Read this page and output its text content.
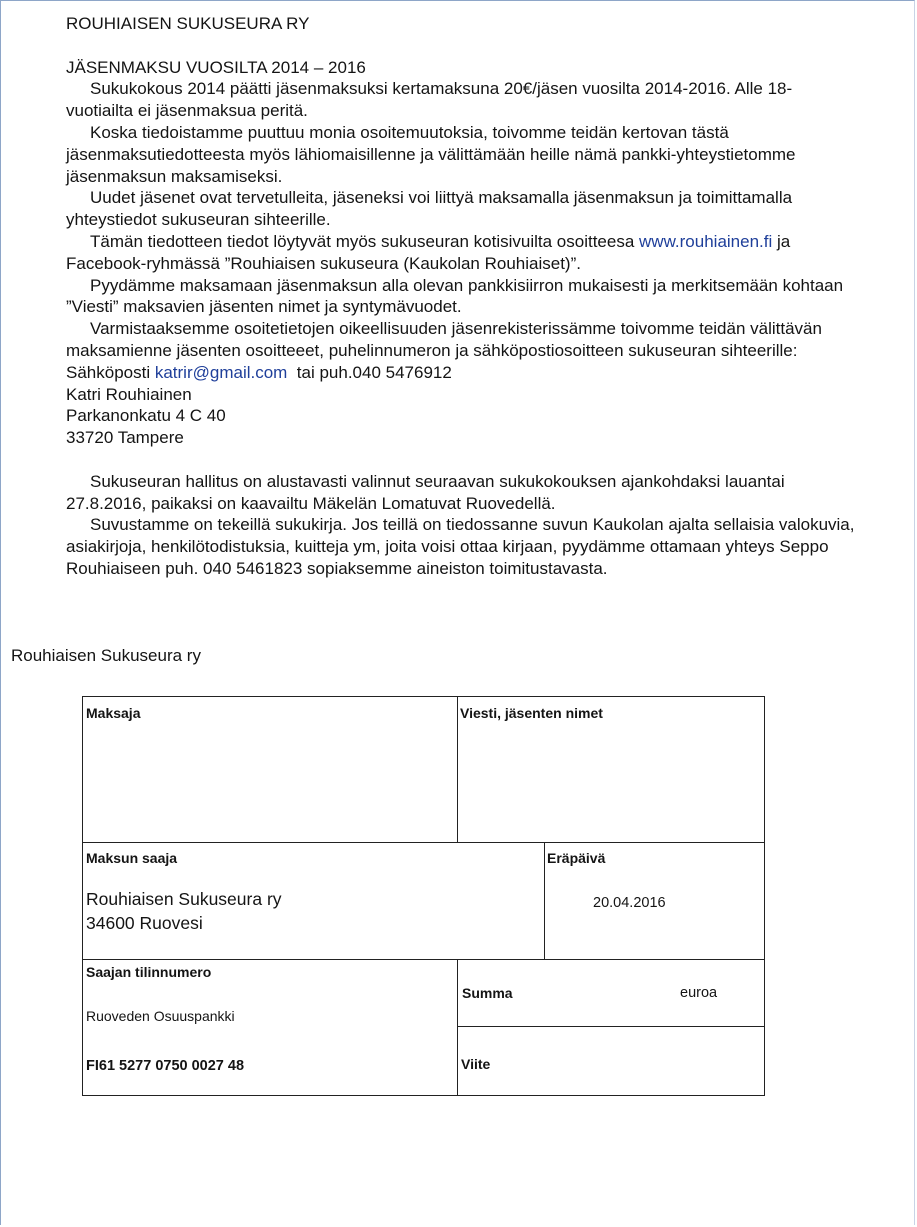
ROUHIAISEN SUKUSEURA RY

JÄSENMAKSU VUOSILTA 2014 – 2016

Sukukokous 2014 päätti jäsenmaksuksi kertamaksuna 20€/jäsen vuosilta 2014-2016. Alle 18-vuotiailta ei jäsenmaksua peritä.

Koska tiedoistamme puuttuu monia osoitemuutoksia, toivomme teidän kertovan tästä jäsenmaksutiedotteesta myös lähiomaisillenne ja välittämään heille nämä pankki-yhteystietomme jäsenmaksun maksamiseksi.

Uudet jäsenet ovat tervetulleita, jäseneksi voi liittyä maksamalla jäsenmaksun ja toimittamalla yhteystiedot sukuseuran sihteerille.

Tämän tiedotteen tiedot löytyvät myös sukuseuran kotisivuilta osoitteesa www.rouhiainen.fi ja Facebook-ryhmässä ”Rouhiaisen sukuseura (Kaukolan Rouhiaiset)”.

Pyydämme maksamaan jäsenmaksun alla olevan pankkisiirron mukaisesti ja merkitsemään kohtaan ”Viesti” maksavien jäsenten nimet ja syntymävuodet.

Varmistaaksemme osoitetietojen oikeellisuuden jäsenrekisterissämme toivomme teidän välittävän maksamienne jäsenten osoitteeet, puhelinnumeron ja sähköpostiosoitteen sukuseuran sihteerille:

Sähköposti katrir@gmail.com  tai puh.040 5476912

Katri Rouhiainen

Parkanonkatu 4 C 40

33720 Tampere

Sukuseuran hallitus on alustavasti valinnut seuraavan sukukokouksen ajankohdaksi lauantai 27.8.2016, paikaksi on kaavailtu Mäkelän Lomatuvat Ruovedellä.

Suvustamme on tekeillä sukukirja. Jos teillä on tiedossanne suvun Kaukolan ajalta sellaisia valokuvia, asiakirjoja, henkilötodistuksia, kuitteja ym, joita voisi ottaa kirjaan, pyydämme ottamaan yhteys Seppo Rouhiaiseen puh. 040 5461823 sopiaksemme aineiston toimitustavasta.

Rouhiaisen Sukuseura ry
Maksaja	Viesti, jäsenten nimet
Maksun saaja
Rouhiaisen Sukuseura ry
34600 Ruovesi
Eräpäivä
20.04.2016
Saajan tilinnumero
Ruoveden Osuuspankki
FI61 5277 0750 0027 48
Summa	euroa
Viite
